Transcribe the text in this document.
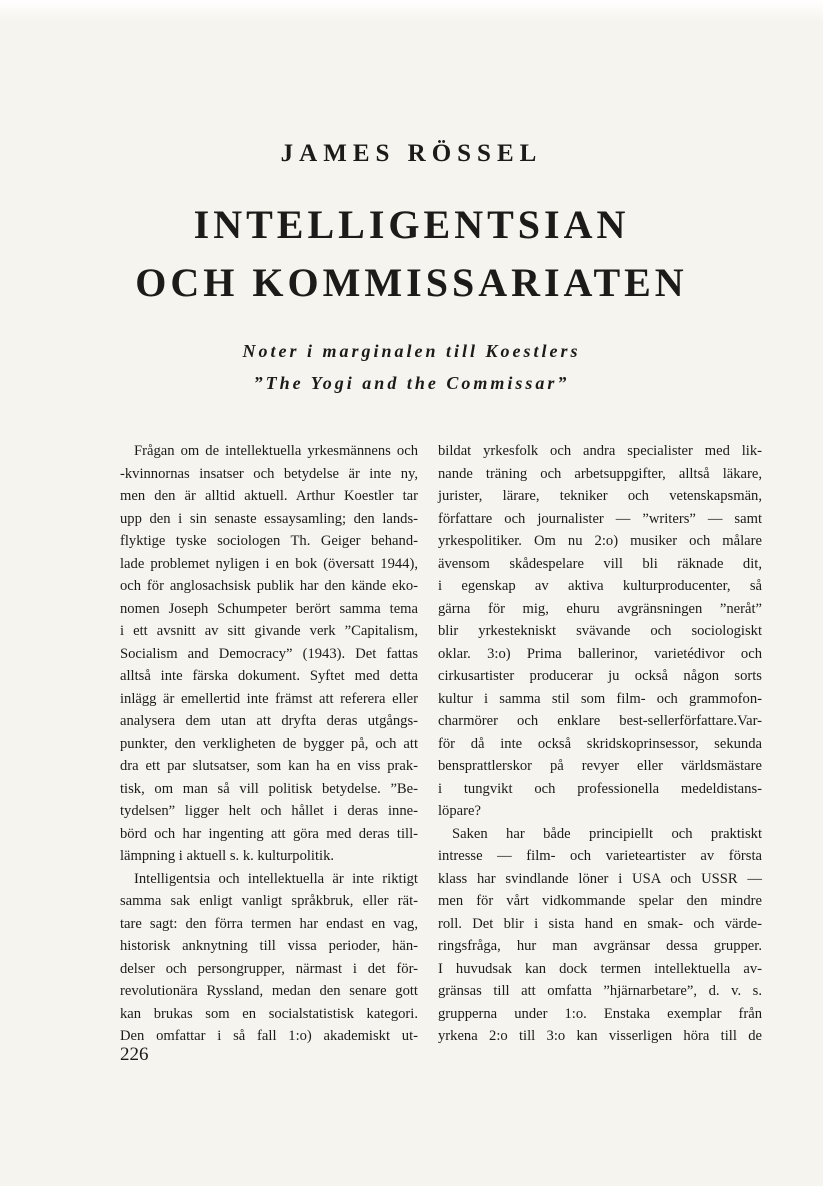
JAMES RÖSSEL
INTELLIGENTSIAN
OCH KOMMISSARIATEN
Noter i marginalen till Koestlers
”The Yogi and the Commissar”
Frågan om de intellektuella yrkesmännens och
-kvinnornas insatser och betydelse är inte ny,
men den är alltid aktuell. Arthur Koestler tar
upp den i sin senaste essaysamling; den lands-
flyktige tyske sociologen Th. Geiger behand-
lade problemet nyligen i en bok (översatt 1944),
och för anglosachsisk publik har den kände eko-
nomen Joseph Schumpeter berört samma tema
i ett avsnitt av sitt givande verk ”Capitalism,
Socialism and Democracy” (1943). Det fattas
alltså inte färska dokument. Syftet med detta
inlägg är emellertid inte främst att referera eller
analysera dem utan att dryfta deras utgångs-
punkter, den verkligheten de bygger på, och att
dra ett par slutsatser, som kan ha en viss prak-
tisk, om man så vill politisk betydelse. ”Be-
tydelsen” ligger helt och hållet i deras inne-
börd och har ingenting att göra med deras till-
lämpning i aktuell s. k. kulturpolitik.
Intelligentsia och intellektuella är inte riktigt
samma sak enligt vanligt språkbruk, eller rät-
tare sagt: den förra termen har endast en vag,
historisk anknytning till vissa perioder, hän-
delser och persongrupper, närmast i det för-
revolutionära Ryssland, medan den senare gott
kan brukas som en socialstatistisk kategori.
Den omfattar i så fall 1:o) akademiskt ut-
bildat yrkesfolk och andra specialister med lik-
nande träning och arbetsuppgifter, alltså läkare,
jurister, lärare, tekniker och vetenskapsmän,
författare och journalister — ”writers” — samt
yrkespolitiker. Om nu 2:o) musiker och målare
ävensom skådespelare vill bli räknade dit,
i egenskap av aktiva kulturproducenter, så
gärna för mig, ehuru avgränsningen ”neråt”
blir yrkestekniskt svävande och sociologiskt
oklar. 3:o) Prima ballerinor, varietédivor och
cirkusartister producerar ju också någon sorts
kultur i samma stil som film- och grammofon-
charmörer och enklare best-sellerförfattare.Var-
för då inte också skridskoprinsessor, sekunda
bensprattlerskor på revyer eller världsmästare
i tungvikt och professionella medeldistans-
löpare?
Saken har både principiellt och praktiskt
intresse — film- och varieteartister av första
klass har svindlande löner i USA och USSR —
men för vårt vidkommande spelar den mindre
roll. Det blir i sista hand en smak- och värde-
ringsfråga, hur man avgränsar dessa grupper.
I huvudsak kan dock termen intellektuella av-
gränsas till att omfatta ”hjärnarbetare”, d. v. s.
grupperna under 1:o. Enstaka exemplar från
yrkena 2:o till 3:o kan visserligen höra till de
226
